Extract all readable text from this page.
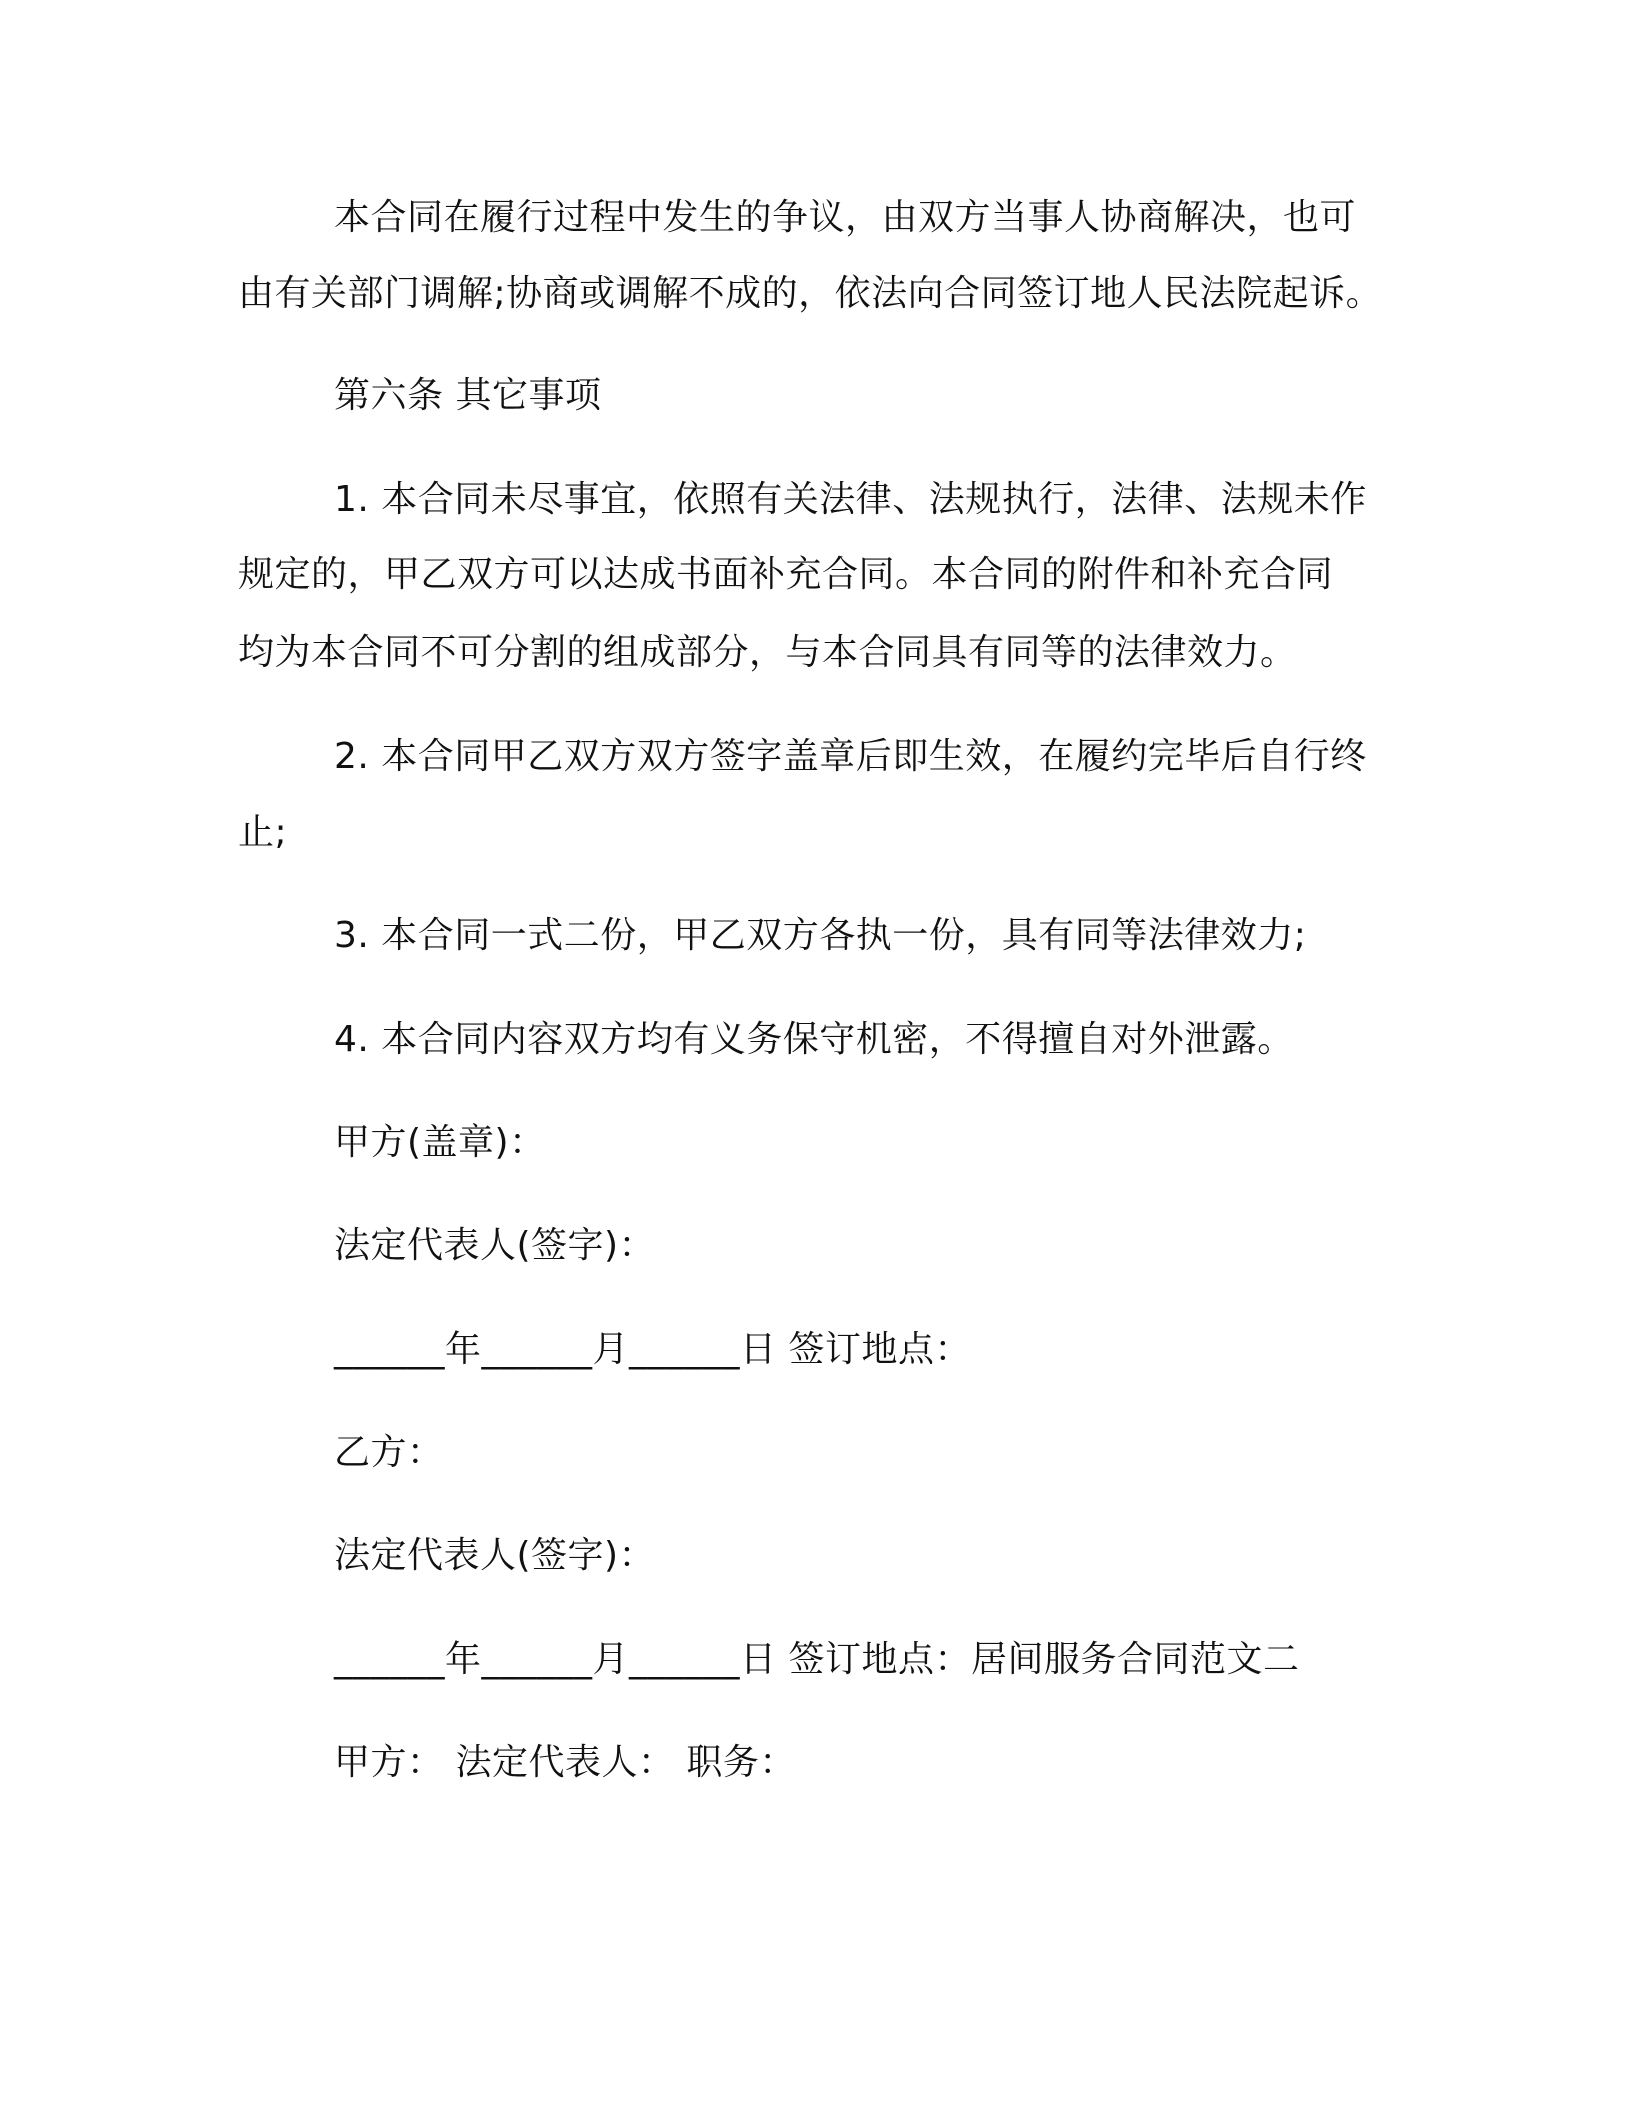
本合同在履行过程中发生的争议，由双方当事人协商解决，也可
由有关部门调解;协商或调解不成的，依法向合同签订地人民法院起诉。
第六条 其它事项
1. 本合同未尽事宜，依照有关法律、法规执行，法律、法规未作
规定的，甲乙双方可以达成书面补充合同。本合同的附件和补充合同
均为本合同不可分割的组成部分，与本合同具有同等的法律效力。
2. 本合同甲乙双方双方签字盖章后即生效，在履约完毕后自行终
止;
3. 本合同一式二份，甲乙双方各执一份，具有同等法律效力;
4. 本合同内容双方均有义务保守机密，不得擅自对外泄露。
甲方(盖章)：
法定代表人(签字)：
______年______月______日 签订地点：
乙方：
法定代表人(签字)：
______年______月______日 签订地点：居间服务合同范文二
甲方： 法定代表人： 职务：
